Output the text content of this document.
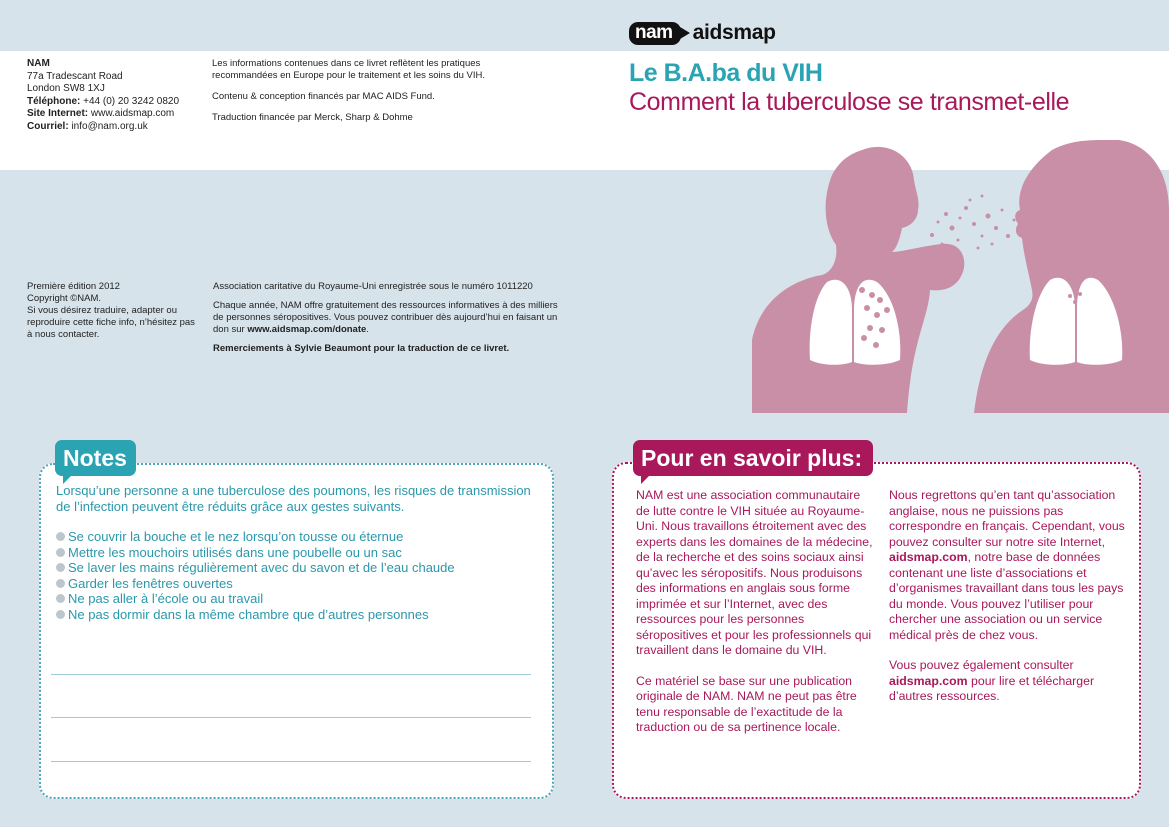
nam aidsmap
NAM
77a Tradescant Road
London SW8 1XJ
Téléphone: +44 (0) 20 3242 0820
Site Internet: www.aidsmap.com
Courriel: info@nam.org.uk

Les informations contenues dans ce livret reflètent les pratiques recommandées en Europe pour le traitement et les soins du VIH.

Contenu & conception financés par MAC AIDS Fund.

Traduction financée par Merck, Sharp & Dohme

Le B.A.ba du VIH
Comment la tuberculose se transmet-elle
Première édition 2012
Copyright ©NAM.
Si vous désirez traduire, adapter ou reproduire cette fiche info, n’hésitez pas à nous contacter.

Association caritative du Royaume-Uni enregistrée sous le numéro 1011220

Chaque année, NAM offre gratuitement des ressources informatives à des milliers de personnes séropositives. Vous pouvez contribuer dès aujourd’hui en faisant un don sur www.aidsmap.com/donate.

Remerciements à Sylvie Beaumont pour la traduction de ce livret.

Notes
Lorsqu’une personne a une tuberculose des poumons, les risques de transmission de l’infection peuvent être réduits grâce aux gestes suivants.
Se couvrir la bouche et le nez lorsqu’on tousse ou éternue
Mettre les mouchoirs utilisés dans une poubelle ou un sac
Se laver les mains régulièrement avec du savon et de l’eau chaude
Garder les fenêtres ouvertes
Ne pas aller à l’école ou au travail
Ne pas dormir dans la même chambre que d’autres personnes
Pour en savoir plus:

NAM est une association communautaire de lutte contre le VIH située au Royaume-Uni. Nous travaillons étroitement avec des experts dans les domaines de la médecine, de la recherche et des soins sociaux ainsi qu’avec les séropositifs. Nous produisons des informations en anglais sous forme imprimée et sur l’Internet, avec des ressources pour les personnes séropositives et pour les professionnels qui travaillent dans le domaine du VIH.

Ce matériel se base sur une publication originale de NAM. NAM ne peut pas être tenu responsable de l’exactitude de la traduction ou de sa pertinence locale.

Nous regrettons qu’en tant qu’association anglaise, nous ne puissions pas correspondre en français. Cependant, vous pouvez consulter sur notre site Internet, aidsmap.com, notre base de données contenant une liste d’associations et d’organismes travaillant dans tous les pays du monde. Vous pouvez l’utiliser pour chercher une association ou un service médical près de chez vous.

Vous pouvez également consulter aidsmap.com pour lire et télécharger d’autres ressources.
